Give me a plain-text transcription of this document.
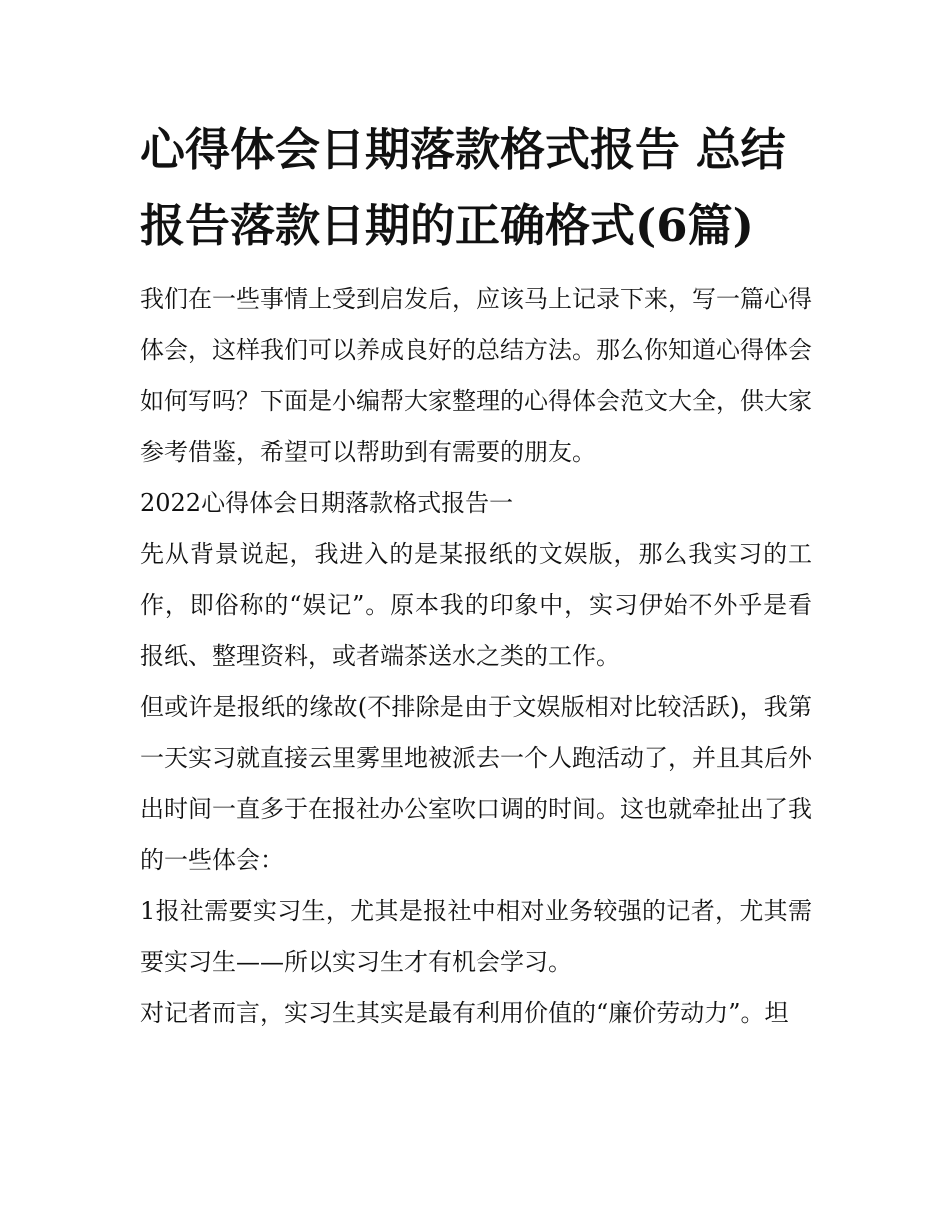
心得体会日期落款格式报告 总结报告落款日期的正确格式(6篇)

我们在一些事情上受到启发后，应该马上记录下来，写一篇心得体会，这样我们可以养成良好的总结方法。那么你知道心得体会如何写吗？下面是小编帮大家整理的心得体会范文大全，供大家参考借鉴，希望可以帮助到有需要的朋友。

2022心得体会日期落款格式报告一

先从背景说起，我进入的是某报纸的文娱版，那么我实习的工作，即俗称的“娱记”。原本我的印象中，实习伊始不外乎是看报纸、整理资料，或者端茶送水之类的工作。

但或许是报纸的缘故(不排除是由于文娱版相对比较活跃)，我第一天实习就直接云里雾里地被派去一个人跑活动了，并且其后外出时间一直多于在报社办公室吹口调的时间。这也就牵扯出了我的一些体会：

1报社需要实习生，尤其是报社中相对业务较强的记者，尤其需要实习生——所以实习生才有机会学习。

对记者而言，实习生其实是最有利用价值的“廉价劳动力”。坦
